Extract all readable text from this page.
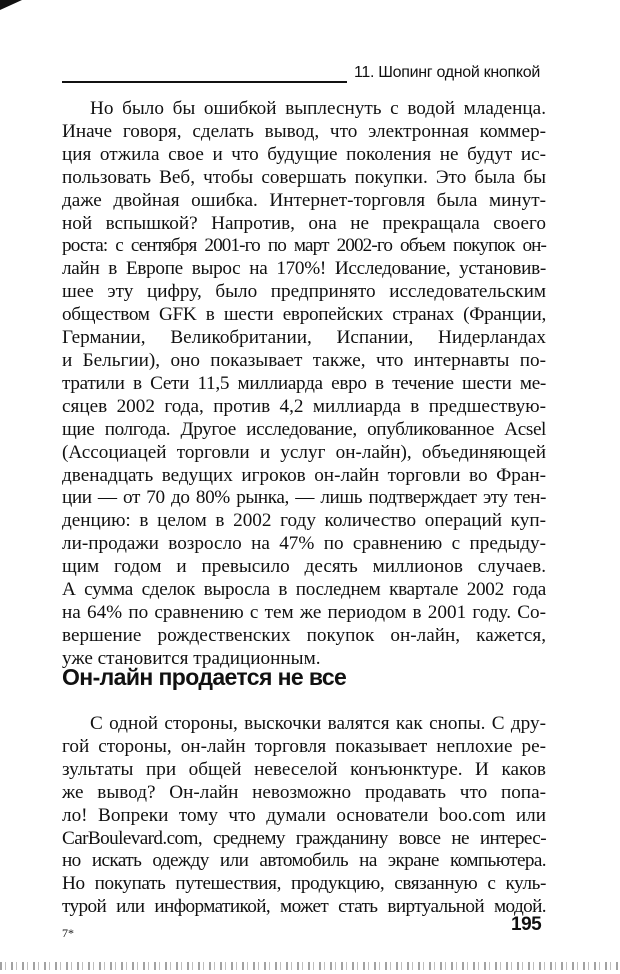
11. Шопинг одной кнопкой

Но было бы ошибкой выплеснуть с водой младенца.
Иначе говоря, сделать вывод, что электронная коммер-
ция отжила свое и что будущие поколения не будут ис-
пользовать Веб, чтобы совершать покупки. Это была бы
даже двойная ошибка. Интернет-торговля была минут-
ной вспышкой? Напротив, она не прекращала своего
роста: с сентября 2001-го по март 2002-го объем покупок он-
лайн в Европе вырос на 170%! Исследование, установив-
шее эту цифру, было предпринято исследовательским
обществом GFK в шести европейских странах (Франции,
Германии, Великобритании, Испании, Нидерландах
и Бельгии), оно показывает также, что интернавты по-
тратили в Сети 11,5 миллиарда евро в течение шести ме-
сяцев 2002 года, против 4,2 миллиарда в предшествую-
щие полгода. Другое исследование, опубликованное Acsel
(Ассоциацей торговли и услуг он-лайн), объединяющей
двенадцать ведущих игроков он-лайн торговли во Фран-
ции — от 70 до 80% рынка, — лишь подтверждает эту тен-
денцию: в целом в 2002 году количество операций куп-
ли-продажи возросло на 47% по сравнению с предыду-
щим годом и превысило десять миллионов случаев.
А сумма сделок выросла в последнем квартале 2002 года
на 64% по сравнению с тем же периодом в 2001 году. Со-
вершение рождественских покупок он-лайн, кажется,
уже становится традиционным.

Он-лайн продается не все

С одной стороны, выскочки валятся как снопы. С дру-
гой стороны, он-лайн торговля показывает неплохие ре-
зультаты при общей невеселой конъюнктуре. И каков
же вывод? Он-лайн невозможно продавать что попа-
ло! Вопреки тому что думали основатели boo.com или
CarBoulevard.com, среднему гражданину вовсе не интерес-
но искать одежду или автомобиль на экране компьютера.
Но покупать путешествия, продукцию, связанную с куль-
турой или информатикой, может стать виртуальной модой.

7*	195
